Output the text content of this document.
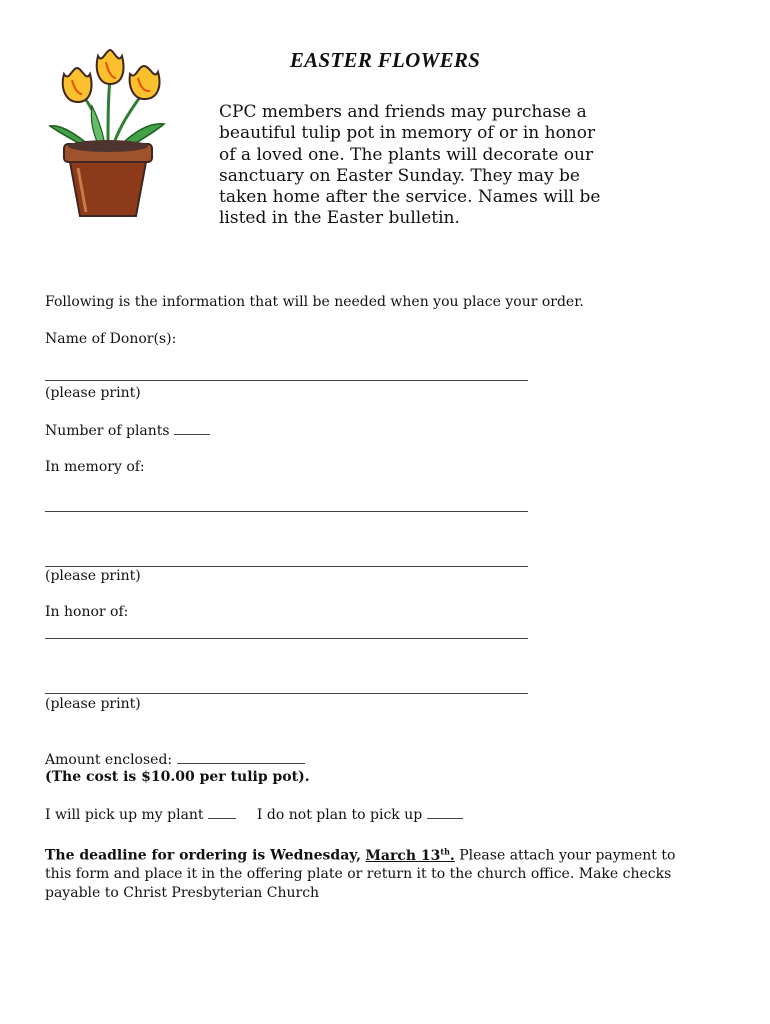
EASTER FLOWERS
CPC members and friends may purchase a
beautiful tulip pot in memory of or in honor
of a loved one. The plants will decorate our
sanctuary on Easter Sunday. They may be
taken home after the service. Names will be
listed in the Easter bulletin.
Following is the information that will be needed when you place your order.
Name of Donor(s):
(please print)
Number of plants
In memory of:
(please print)
In honor of:
(please print)
Amount enclosed:
(The cost is $10.00 per tulip pot).
I will pick up my plant	I do not plan to pick up
The deadline for ordering is Wednesday, March 13th. Please attach your payment to this form and place it in the offering plate or return it to the church office. Make checks payable to Christ Presbyterian Church
